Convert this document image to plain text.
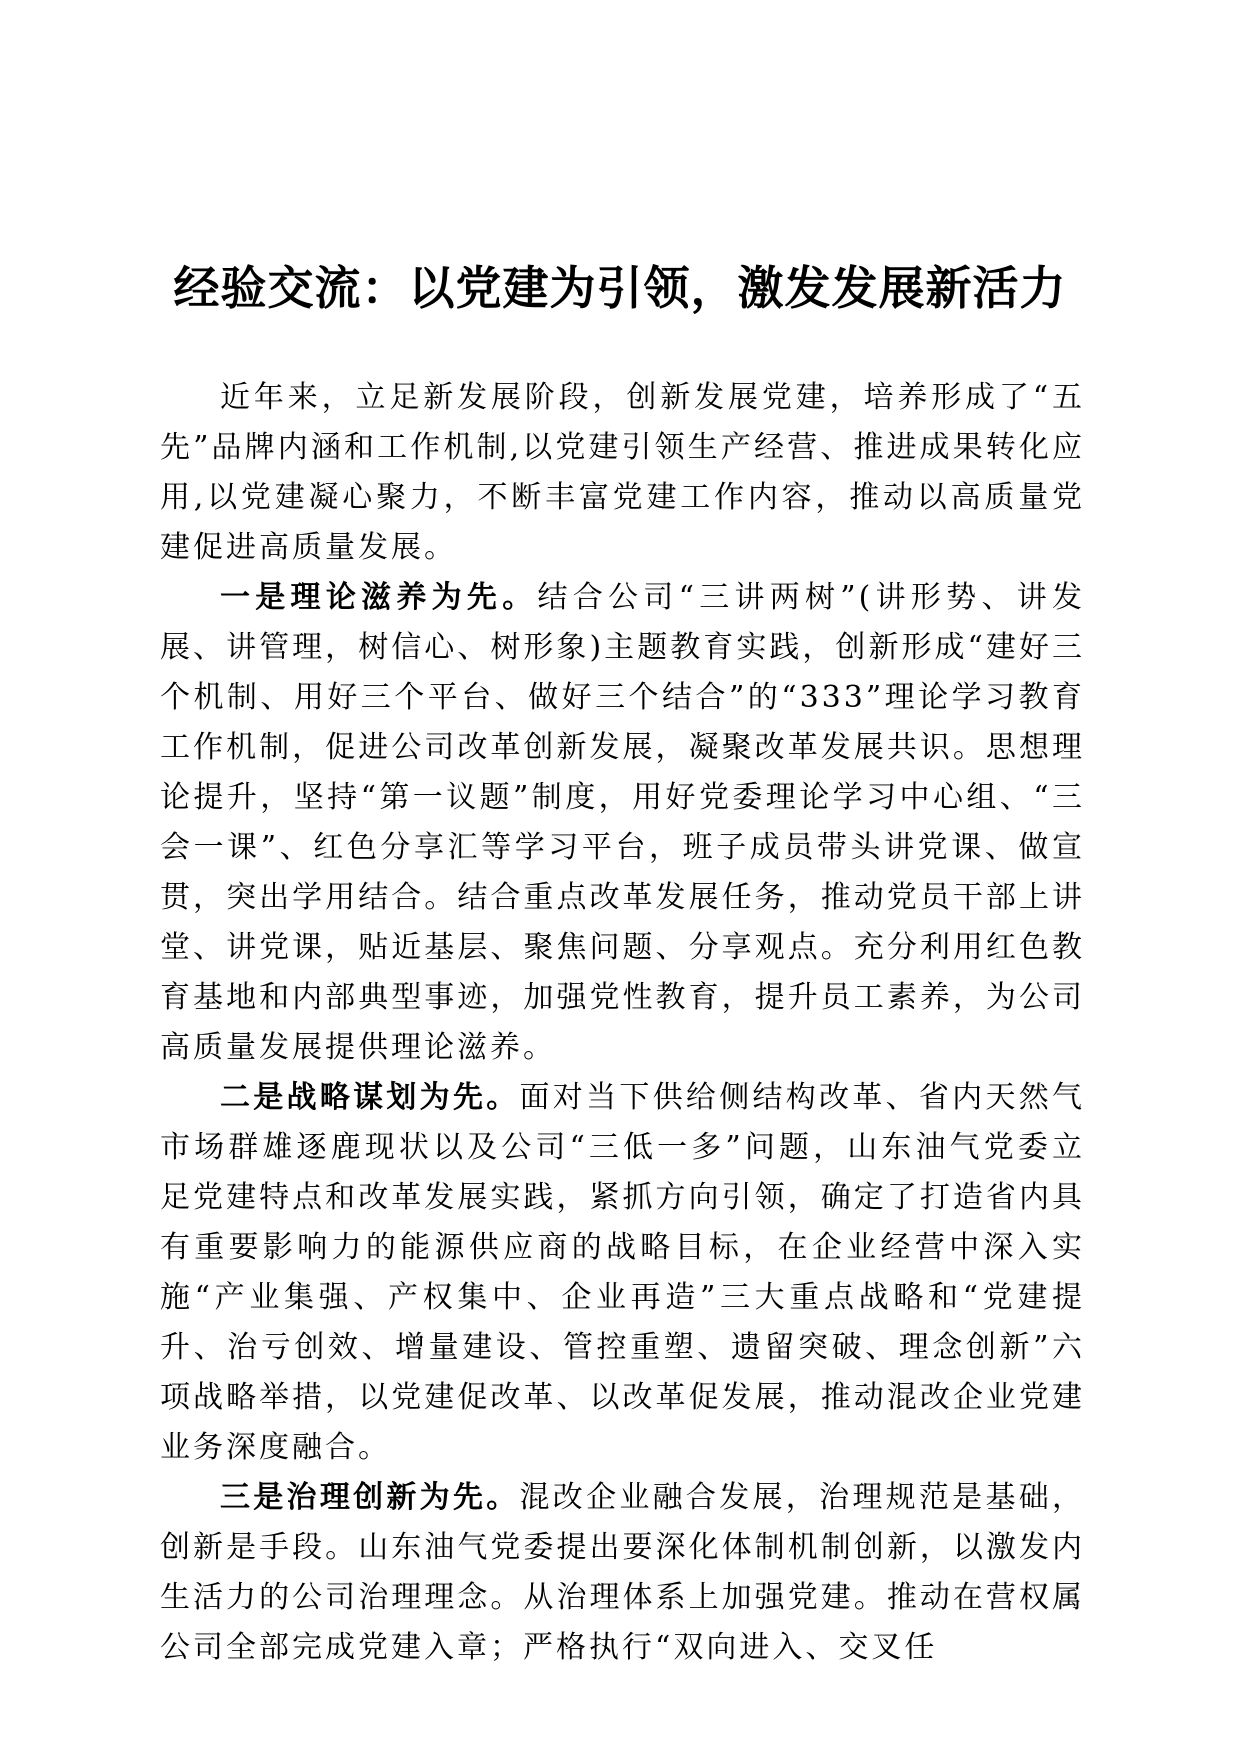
经验交流：以党建为引领，激发发展新活力

近年来，立足新发展阶段，创新发展党建，培养形成了“五先”品牌内涵和工作机制,以党建引领生产经营、推进成果转化应用,以党建凝心聚力，不断丰富党建工作内容，推动以高质量党建促进高质量发展。

一是理论滋养为先。结合公司“三讲两树”(讲形势、讲发展、讲管理，树信心、树形象)主题教育实践，创新形成“建好三个机制、用好三个平台、做好三个结合”的“333”理论学习教育工作机制，促进公司改革创新发展，凝聚改革发展共识。思想理论提升，坚持“第一议题”制度，用好党委理论学习中心组、“三会一课”、红色分享汇等学习平台，班子成员带头讲党课、做宣贯，突出学用结合。结合重点改革发展任务，推动党员干部上讲堂、讲党课，贴近基层、聚焦问题、分享观点。充分利用红色教育基地和内部典型事迹，加强党性教育，提升员工素养，为公司高质量发展提供理论滋养。

二是战略谋划为先。面对当下供给侧结构改革、省内天然气市场群雄逐鹿现状以及公司“三低一多”问题，山东油气党委立足党建特点和改革发展实践，紧抓方向引领，确定了打造省内具有重要影响力的能源供应商的战略目标，在企业经营中深入实施“产业集强、产权集中、企业再造”三大重点战略和“党建提升、治亏创效、增量建设、管控重塑、遗留突破、理念创新”六项战略举措，以党建促改革、以改革促发展，推动混改企业党建业务深度融合。

三是治理创新为先。混改企业融合发展，治理规范是基础，创新是手段。山东油气党委提出要深化体制机制创新，以激发内生活力的公司治理理念。从治理体系上加强党建。推动在营权属公司全部完成党建入章；严格执行“双向进入、交叉任
